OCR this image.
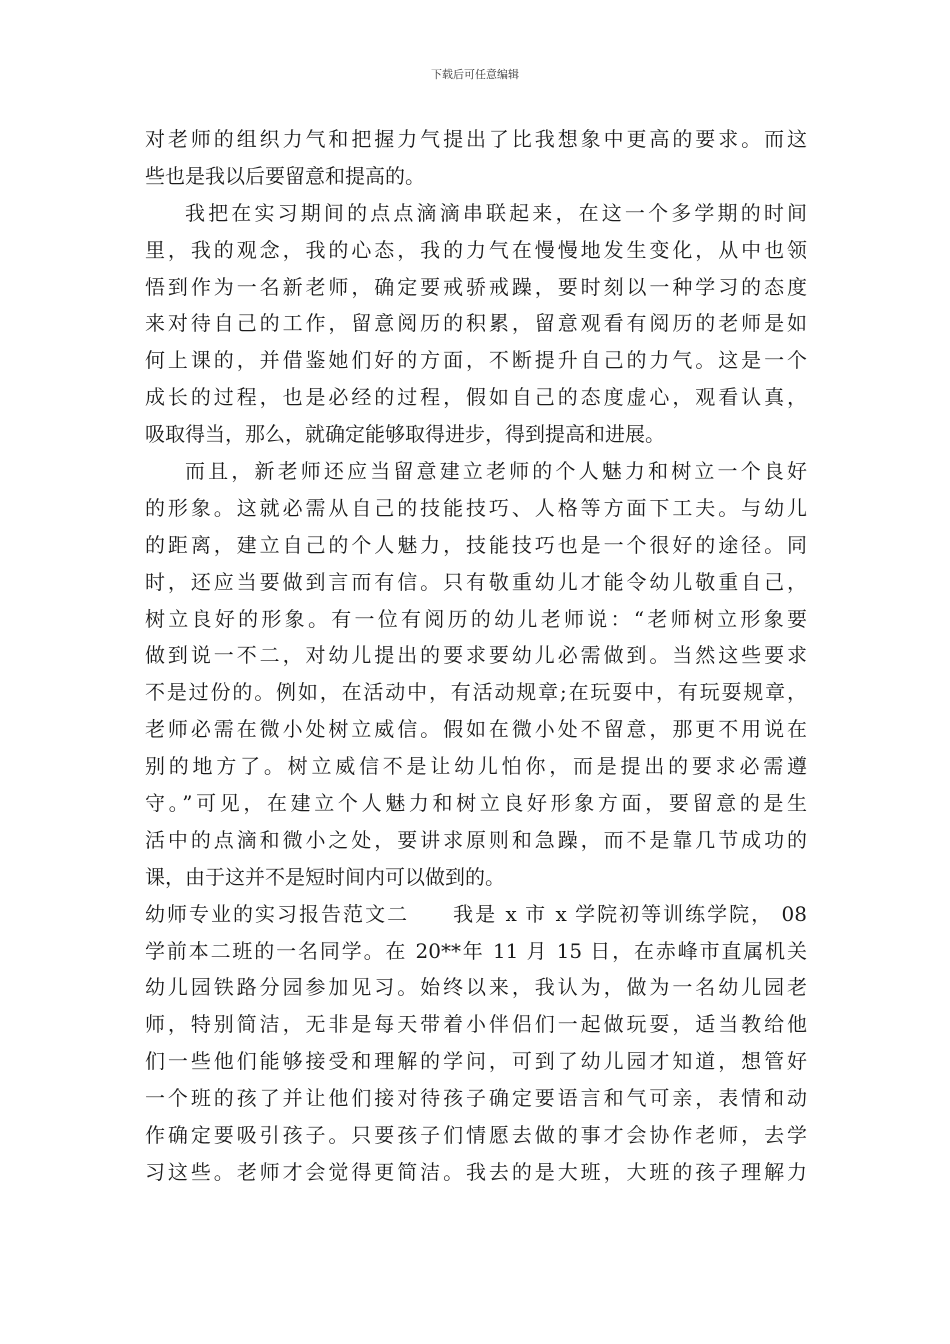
下载后可任意编辑
对老师的组织力气和把握力气提出了比我想象中更高的要求。而这
些也是我以后要留意和提高的。
我把在实习期间的点点滴滴串联起来，在这一个多学期的时间
里，我的观念，我的心态，我的力气在慢慢地发生变化，从中也领
悟到作为一名新老师，确定要戒骄戒躁，要时刻以一种学习的态度
来对待自己的工作，留意阅历的积累，留意观看有阅历的老师是如
何上课的，并借鉴她们好的方面，不断提升自己的力气。这是一个
成长的过程，也是必经的过程，假如自己的态度虚心，观看认真，
吸取得当，那么，就确定能够取得进步，得到提高和进展。
而且，新老师还应当留意建立老师的个人魅力和树立一个良好
的形象。这就必需从自己的技能技巧、人格等方面下工夫。与幼儿
的距离，建立自己的个人魅力，技能技巧也是一个很好的途径。同
时，还应当要做到言而有信。只有敬重幼儿才能令幼儿敬重自己，
树立良好的形象。有一位有阅历的幼儿老师说：“老师树立形象要
做到说一不二，对幼儿提出的要求要幼儿必需做到。当然这些要求
不是过份的。例如，在活动中，有活动规章;在玩耍中，有玩耍规章，
老师必需在微小处树立威信。假如在微小处不留意，那更不用说在
别的地方了。树立威信不是让幼儿怕你，而是提出的要求必需遵
守。”可见，在建立个人魅力和树立良好形象方面，要留意的是生
活中的点滴和微小之处，要讲求原则和急躁，而不是靠几节成功的
课，由于这并不是短时间内可以做到的。
幼师专业的实习报告范文二　　我是 x 市 x 学院初等训练学院， 08
学前本二班的一名同学。在 20**年 11 月 15 日，在赤峰市直属机关
幼儿园铁路分园参加见习。始终以来，我认为，做为一名幼儿园老
师，特别简洁，无非是每天带着小伴侣们一起做玩耍，适当教给他
们一些他们能够接受和理解的学问，可到了幼儿园才知道，想管好
一个班的孩了并让他们接对待孩子确定要语言和气可亲，表情和动
作确定要吸引孩子。只要孩子们情愿去做的事才会协作老师，去学
习这些。老师才会觉得更简洁。我去的是大班，大班的孩子理解力
